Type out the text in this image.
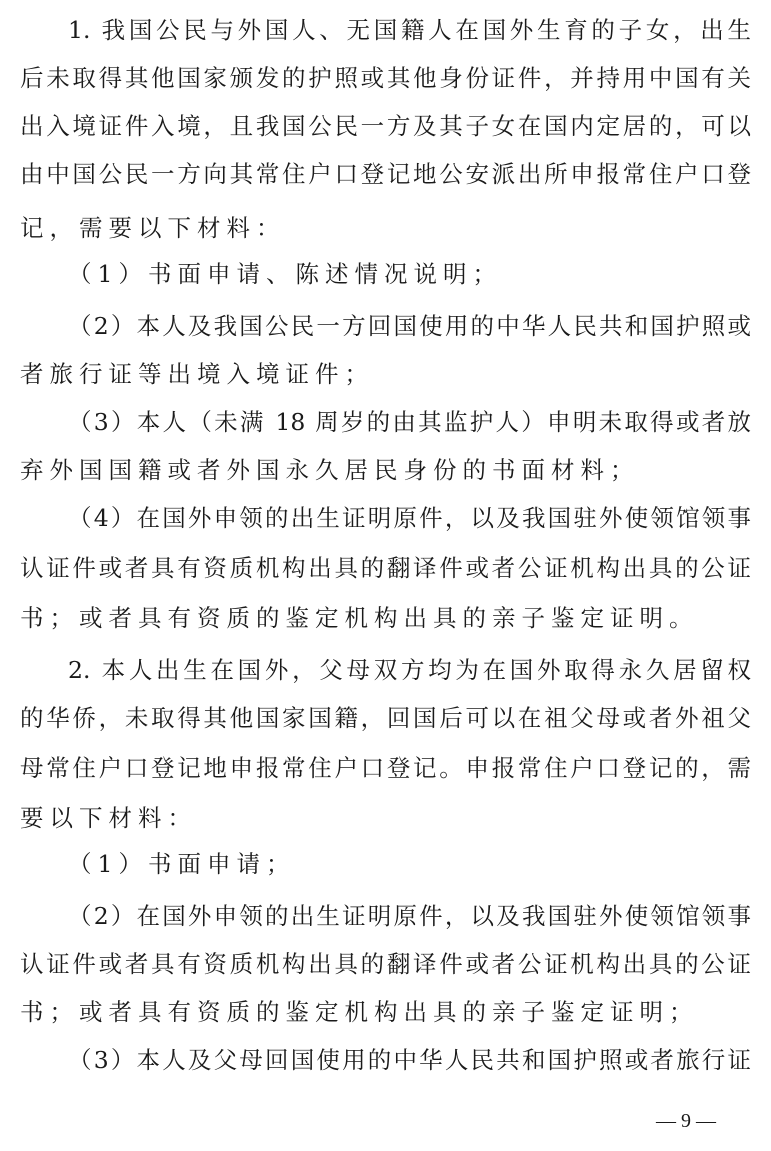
1. 我国公民与外国人、无国籍人在国外生育的子女，出生
后未取得其他国家颁发的护照或其他身份证件，并持用中国有关
出入境证件入境，且我国公民一方及其子女在国内定居的，可以
由中国公民一方向其常住户口登记地公安派出所申报常住户口登
记，需要以下材料：
（1）书面申请、陈述情况说明；
（2）本人及我国公民一方回国使用的中华人民共和国护照或
者旅行证等出境入境证件；
（3）本人（未满 18 周岁的由其监护人）申明未取得或者放
弃外国国籍或者外国永久居民身份的书面材料；
（4）在国外申领的出生证明原件，以及我国驻外使领馆领事
认证件或者具有资质机构出具的翻译件或者公证机构出具的公证
书；或者具有资质的鉴定机构出具的亲子鉴定证明。
2. 本人出生在国外，父母双方均为在国外取得永久居留权
的华侨，未取得其他国家国籍，回国后可以在祖父母或者外祖父
母常住户口登记地申报常住户口登记。申报常住户口登记的，需
要以下材料：
（1）书面申请；
（2）在国外申领的出生证明原件，以及我国驻外使领馆领事
认证件或者具有资质机构出具的翻译件或者公证机构出具的公证
书；或者具有资质的鉴定机构出具的亲子鉴定证明；
（3）本人及父母回国使用的中华人民共和国护照或者旅行证
— 9 —
